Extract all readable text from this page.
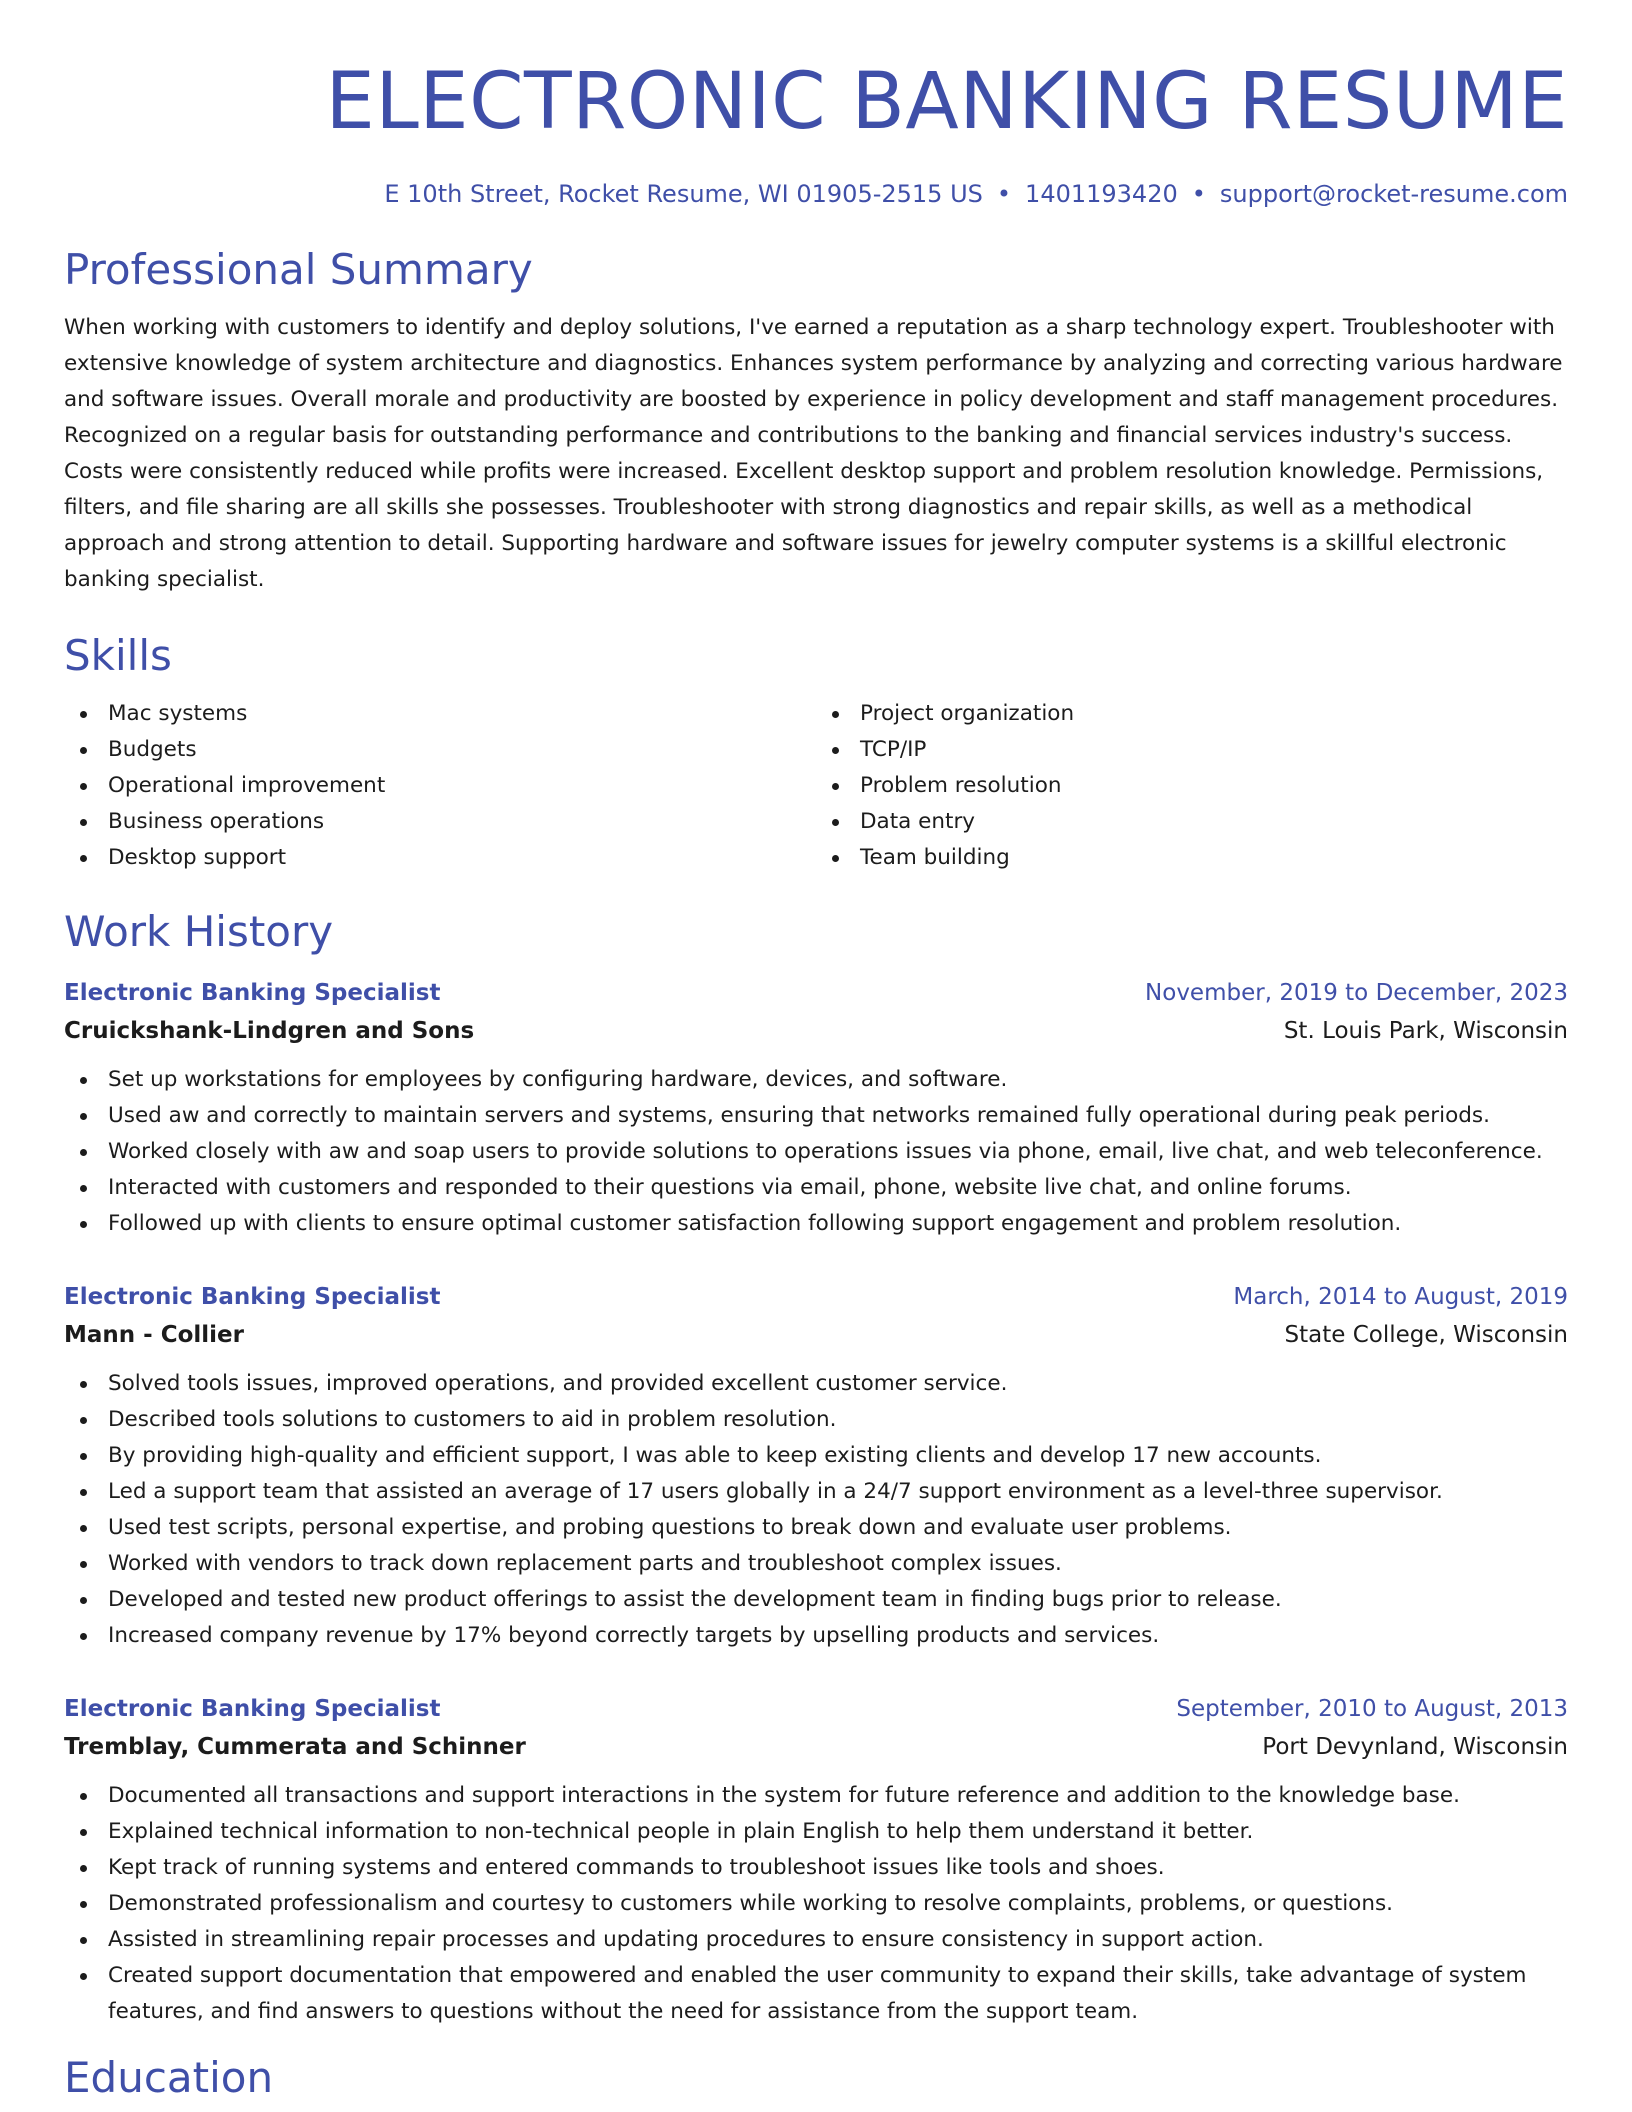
ELECTRONIC BANKING RESUME
E 10th Street, Rocket Resume, WI 01905-2515 US • 1401193420 • support@rocket-resume.com
Professional Summary

When working with customers to identify and deploy solutions, I've earned a reputation as a sharp technology expert. Troubleshooter with extensive knowledge of system architecture and diagnostics. Enhances system performance by analyzing and correcting various hardware and software issues. Overall morale and productivity are boosted by experience in policy development and staff management procedures. Recognized on a regular basis for outstanding performance and contributions to the banking and financial services industry's success. Costs were consistently reduced while profits were increased. Excellent desktop support and problem resolution knowledge. Permissions, filters, and file sharing are all skills she possesses. Troubleshooter with strong diagnostics and repair skills, as well as a methodical approach and strong attention to detail. Supporting hardware and software issues for jewelry computer systems is a skillful electronic banking specialist.

Skills
Mac systems
Budgets
Operational improvement
Business operations
Desktop support
Project organization
TCP/IP
Problem resolution
Data entry
Team building
Work History
Electronic Banking Specialist	November, 2019 to December, 2023
Cruickshank-Lindgren and Sons	St. Louis Park, Wisconsin
Set up workstations for employees by configuring hardware, devices, and software.
Used aw and correctly to maintain servers and systems, ensuring that networks remained fully operational during peak periods.
Worked closely with aw and soap users to provide solutions to operations issues via phone, email, live chat, and web teleconference.
Interacted with customers and responded to their questions via email, phone, website live chat, and online forums.
Followed up with clients to ensure optimal customer satisfaction following support engagement and problem resolution.
Electronic Banking Specialist	March, 2014 to August, 2019
Mann - Collier	State College, Wisconsin
Solved tools issues, improved operations, and provided excellent customer service.
Described tools solutions to customers to aid in problem resolution.
By providing high-quality and efficient support, I was able to keep existing clients and develop 17 new accounts.
Led a support team that assisted an average of 17 users globally in a 24/7 support environment as a level-three supervisor.
Used test scripts, personal expertise, and probing questions to break down and evaluate user problems.
Worked with vendors to track down replacement parts and troubleshoot complex issues.
Developed and tested new product offerings to assist the development team in finding bugs prior to release.
Increased company revenue by 17% beyond correctly targets by upselling products and services.
Electronic Banking Specialist	September, 2010 to August, 2013
Tremblay, Cummerata and Schinner	Port Devynland, Wisconsin
Documented all transactions and support interactions in the system for future reference and addition to the knowledge base.
Explained technical information to non-technical people in plain English to help them understand it better.
Kept track of running systems and entered commands to troubleshoot issues like tools and shoes.
Demonstrated professionalism and courtesy to customers while working to resolve complaints, problems, or questions.
Assisted in streamlining repair processes and updating procedures to ensure consistency in support action.
Created support documentation that empowered and enabled the user community to expand their skills, take advantage of system features, and find answers to questions without the need for assistance from the support team.
Education
